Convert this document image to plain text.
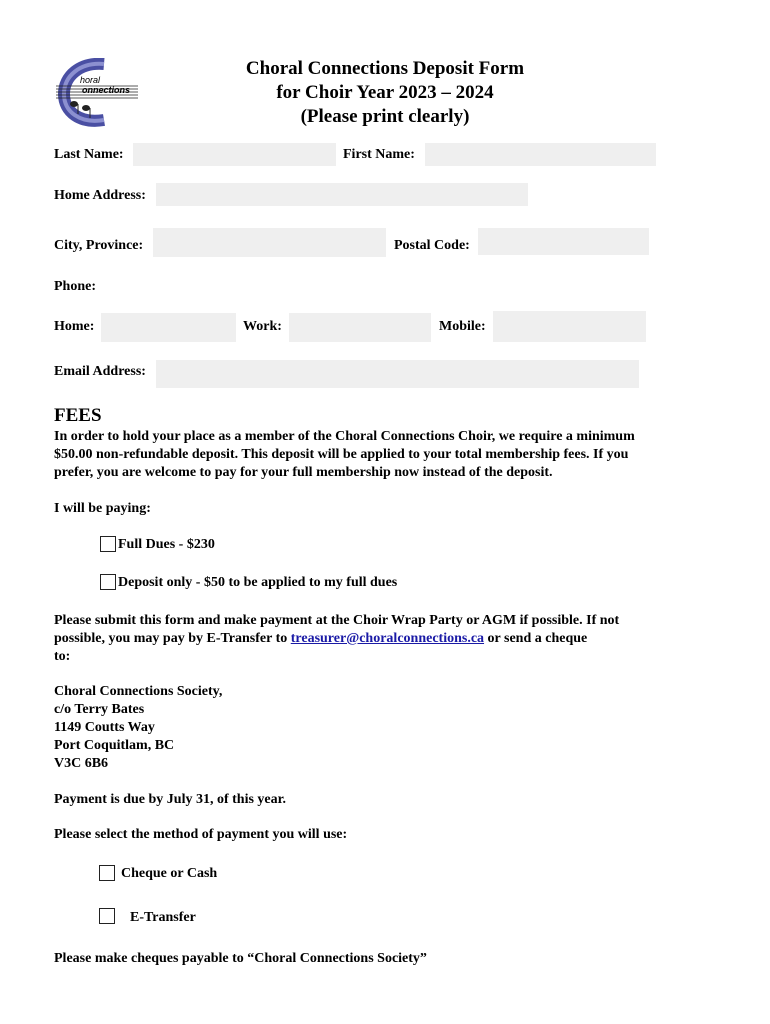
horal
onnections
Choral Connections Deposit Form
for Choir Year 2023 – 2024
(Please print clearly)
Last Name:	First Name:
Home Address:
City, Province:	Postal Code:
Phone:
Home:	Work:	Mobile:
Email Address:
FEES
In order to hold your place as a member of the Choral Connections Choir, we require a minimum
$50.00 non-refundable deposit. This deposit will be applied to your total membership fees. If you
prefer, you are welcome to pay for your full membership now instead of the deposit.
I will be paying:
Full Dues - $230
Deposit only - $50 to be applied to my full dues
Please submit this form and make payment at the Choir Wrap Party or AGM if possible. If not
possible, you may pay by E-Transfer to treasurer@choralconnections.ca or send a cheque
to:
Choral Connections Society,
c/o Terry Bates
1149 Coutts Way
Port Coquitlam, BC
V3C 6B6
Payment is due by July 31, of this year.
Please select the method of payment you will use:
Cheque or Cash
E-Transfer
Please make cheques payable to “Choral Connections Society”
